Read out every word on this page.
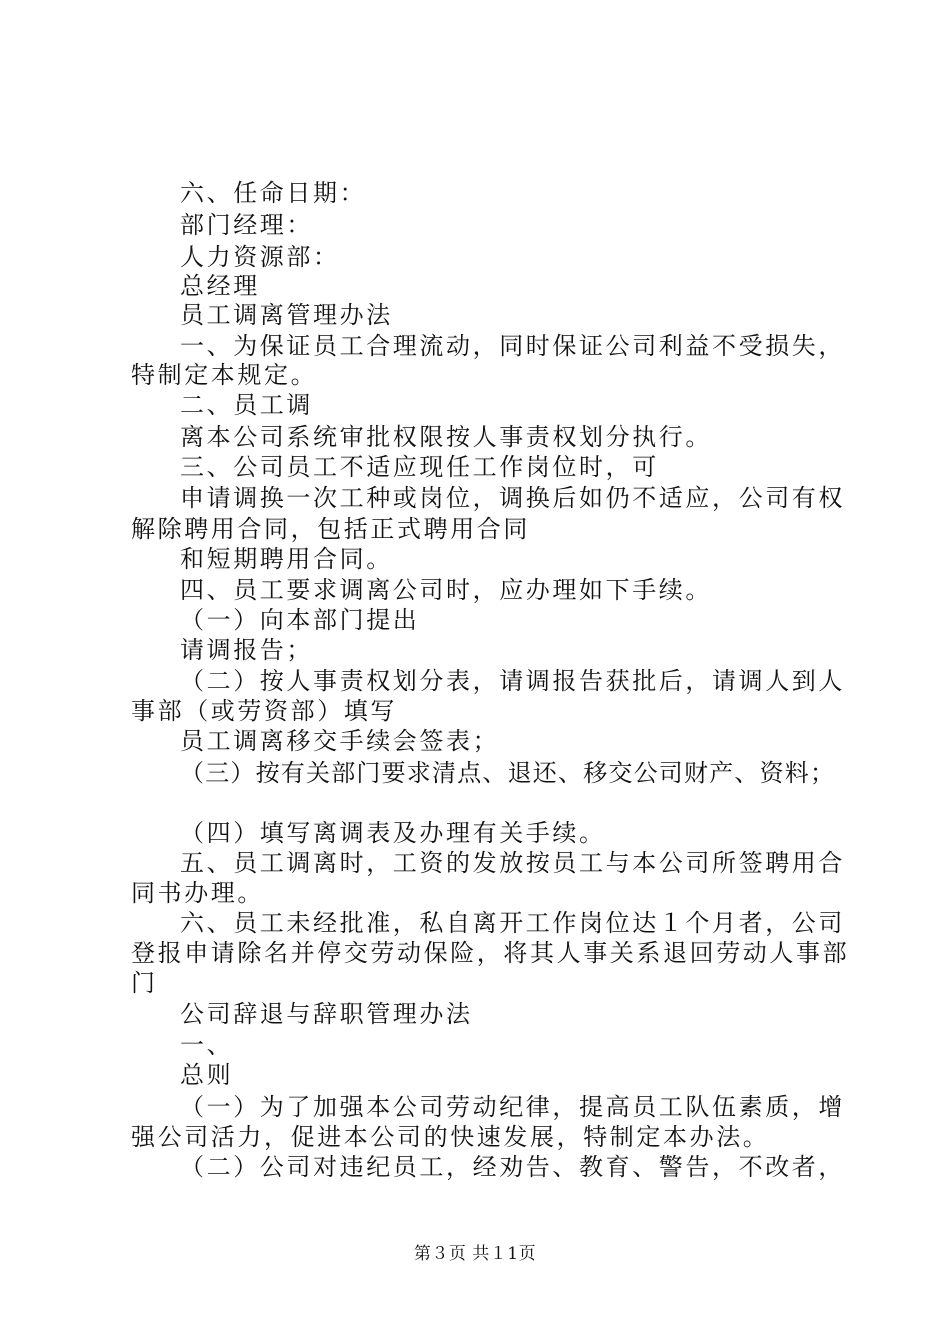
六、任命日期：
部门经理：
人力资源部：
总经理
员工调离管理办法
一、为保证员工合理流动，同时保证公司利益不受损失，
特制定本规定。
二、员工调
离本公司系统审批权限按人事责权划分执行。
三、公司员工不适应现任工作岗位时，可
申请调换一次工种或岗位，调换后如仍不适应，公司有权
解除聘用合同，包括正式聘用合同
和短期聘用合同。
四、员工要求调离公司时，应办理如下手续。
（一）向本部门提出
请调报告；
（二）按人事责权划分表，请调报告获批后，请调人到人
事部（或劳资部）填写
员工调离移交手续会签表；
（三）按有关部门要求清点、退还、移交公司财产、资料；
（四）填写离调表及办理有关手续。
五、员工调离时，工资的发放按员工与本公司所签聘用合
同书办理。
六、员工未经批准，私自离开工作岗位达１个月者，公司
登报申请除名并停交劳动保险，将其人事关系退回劳动人事部
门
公司辞退与辞职管理办法
一、
总则
（一）为了加强本公司劳动纪律，提高员工队伍素质，增
强公司活力，促进本公司的快速发展，特制定本办法。
（二）公司对违纪员工，经劝告、教育、警告，不改者，
第３页 共１1页
